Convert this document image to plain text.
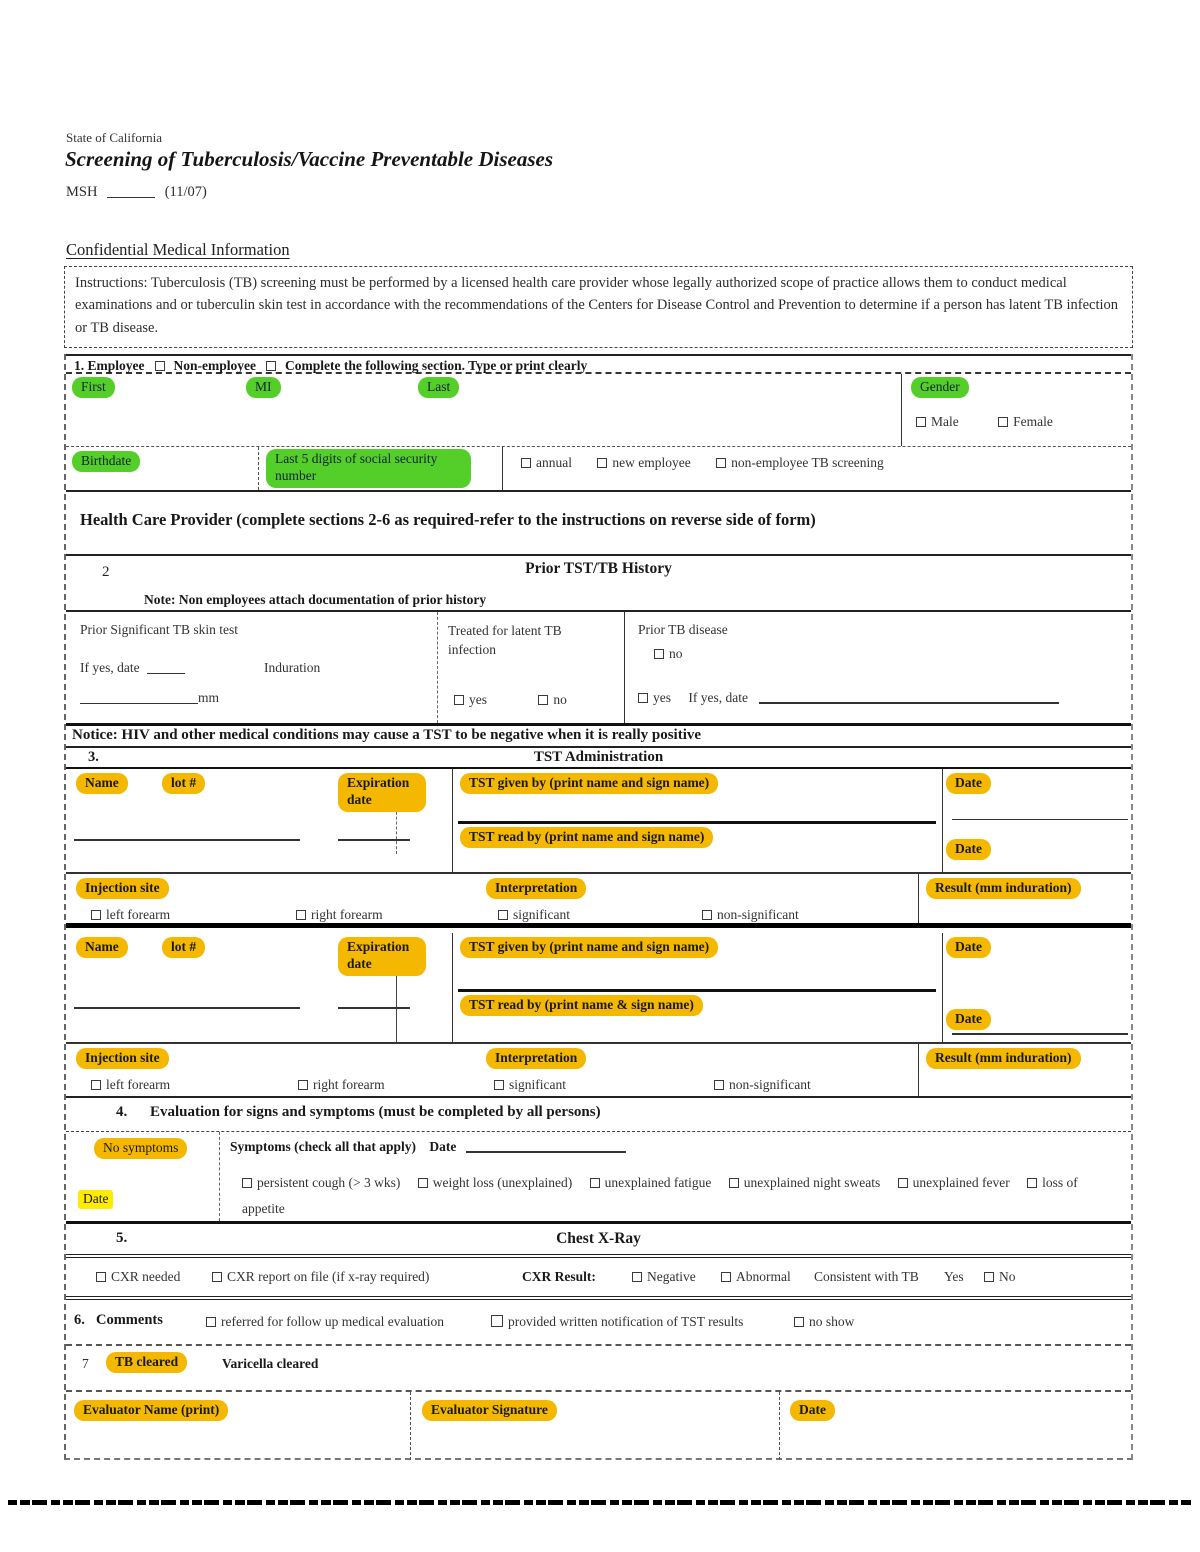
State of California
Screening of Tuberculosis/Vaccine Preventable Diseases
MSH	(11/07)
Confidential Medical Information
Instructions: Tuberculosis (TB) screening must be performed by a licensed health care provider whose legally authorized scope of practice allows them to conduct medical examinations and or tuberculin skin test in accordance with the recommendations of the Centers for Disease Control and Prevention to determine if a person has latent TB infection or TB disease.
1. Employee Non-employee Complete the following section. Type or print clearly
First	MI	Last	Gender
Male	Female
Birthdate	Last 5 digits of social security number
annual	new employee	non-employee TB screening
Health Care Provider (complete sections 2-6 as required-refer to the instructions on reverse side of form)
2	Prior TST/TB History
Note: Non employees attach documentation of prior history
Prior Significant TB skin test
If yes, date	Induration
mm
Treated for latent TB infection
yes	no
Prior TB disease
no
yes If yes, date
Notice: HIV and other medical conditions may cause a TST to be negative when it is really positive
3.	TST Administration
Name	lot #	Expiration date
TST given by (print name and sign name)	Date
TST read by (print name and sign name)
Date
Injection site	Interpretation	Result (mm induration)
left forearm	right forearm	significant	non-significant
Name	lot #	Expiration date
TST given by (print name and sign name)	Date
TST read by (print name & sign name)
Date
Injection site	Interpretation	Result (mm induration)
left forearm	right forearm	significant	non-significant
4. Evaluation for signs and symptoms (must be completed by all persons)
No symptoms
Date
Symptoms (check all that apply) Date
persistent cough (> 3 wks) weight loss (unexplained) unexplained fatigue unexplained night sweats unexplained fever loss of appetite
5.	Chest X-Ray
CXR needed	CXR report on file (if x-ray required)	CXR Result:	Negative	Abnormal Consistent with TB Yes	No
6. Comments	referred for follow up medical evaluation	provided written notification of TST results	no show
7	TB cleared	Varicella cleared
Evaluator Name (print)	Evaluator Signature	Date
